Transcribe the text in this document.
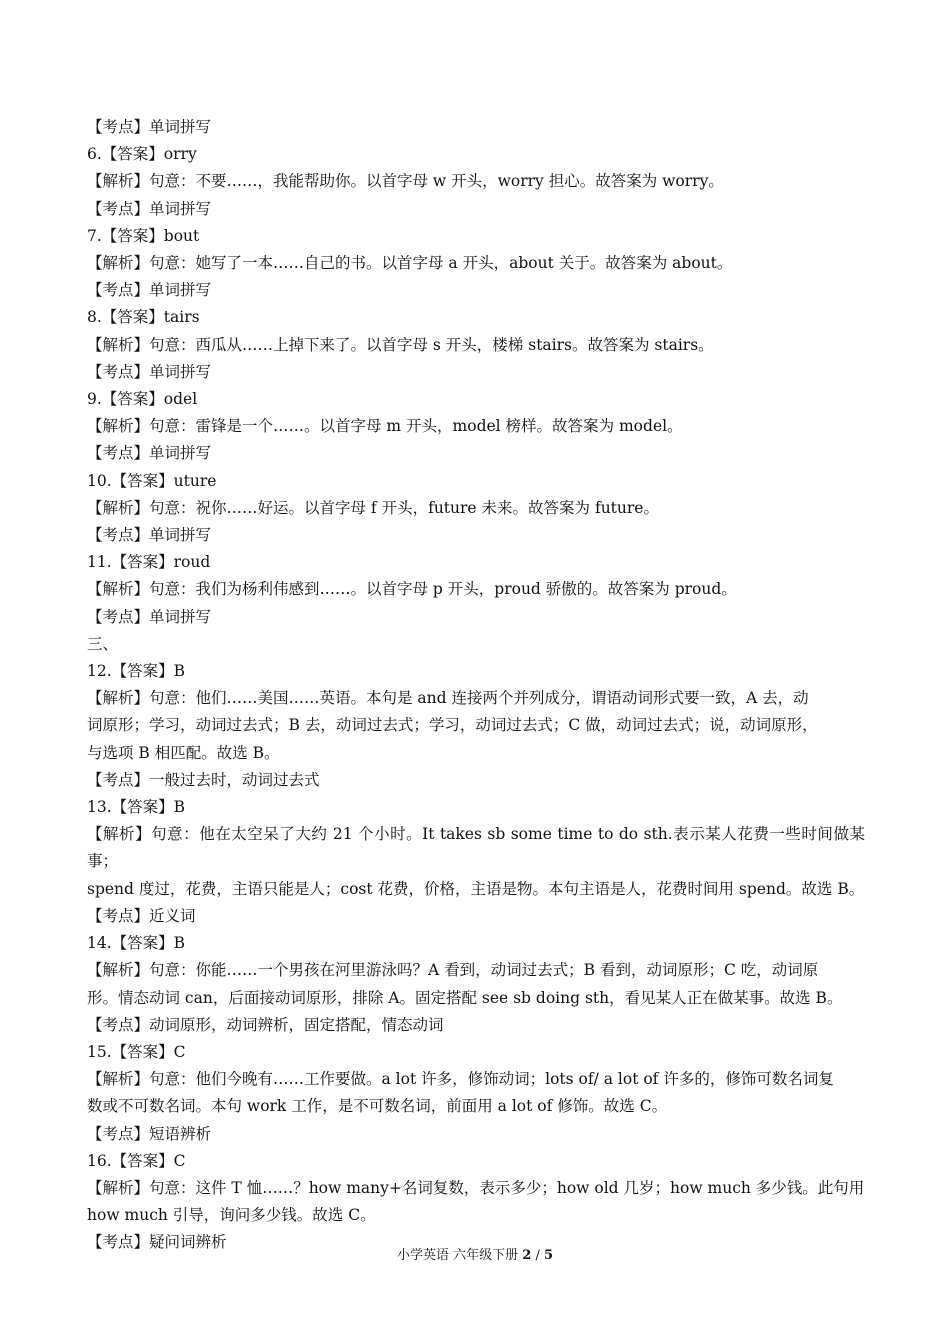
【考点】单词拼写
6.【答案】orry
【解析】句意：不要……，我能帮助你。以首字母 w 开头，worry 担心。故答案为 worry。
【考点】单词拼写
7.【答案】bout
【解析】句意：她写了一本……自己的书。以首字母 a 开头，about 关于。故答案为 about。
【考点】单词拼写
8.【答案】tairs
【解析】句意：西瓜从……上掉下来了。以首字母 s 开头，楼梯 stairs。故答案为 stairs。
【考点】单词拼写
9.【答案】odel
【解析】句意：雷锋是一个……。以首字母 m 开头，model 榜样。故答案为 model。
【考点】单词拼写
10.【答案】uture
【解析】句意：祝你……好运。以首字母 f 开头，future 未来。故答案为 future。
【考点】单词拼写
11.【答案】roud
【解析】句意：我们为杨利伟感到……。以首字母 p 开头，proud 骄傲的。故答案为 proud。
【考点】单词拼写
三、
12.【答案】B
【解析】句意：他们……美国……英语。本句是 and 连接两个并列成分，谓语动词形式要一致，A 去，动
词原形；学习，动词过去式；B 去，动词过去式；学习，动词过去式；C 做，动词过去式；说，动词原形，
与选项 B 相匹配。故选 B。
【考点】一般过去时，动词过去式
13.【答案】B
【解析】句意：他在太空呆了大约 21 个小时。It takes sb some time to do sth.表示某人花费一些时间做某事；
spend 度过，花费，主语只能是人；cost 花费，价格，主语是物。本句主语是人，花费时间用 spend。故选 B。
【考点】近义词
14.【答案】B
【解析】句意：你能……一个男孩在河里游泳吗？A 看到，动词过去式；B 看到，动词原形；C 吃，动词原
形。情态动词 can，后面接动词原形，排除 A。固定搭配 see sb doing sth，看见某人正在做某事。故选 B。
【考点】动词原形，动词辨析，固定搭配，情态动词
15.【答案】C
【解析】句意：他们今晚有……工作要做。a lot 许多，修饰动词；lots of/ a lot of 许多的，修饰可数名词复
数或不可数名词。本句 work 工作，是不可数名词，前面用 a lot of 修饰。故选 C。
【考点】短语辨析
16.【答案】C
【解析】句意：这件 T 恤……？how many+名词复数，表示多少；how old 几岁；how much 多少钱。此句用
how much 引导，询问多少钱。故选 C。
【考点】疑问词辨析
小学英语 六年级下册 2 / 5
